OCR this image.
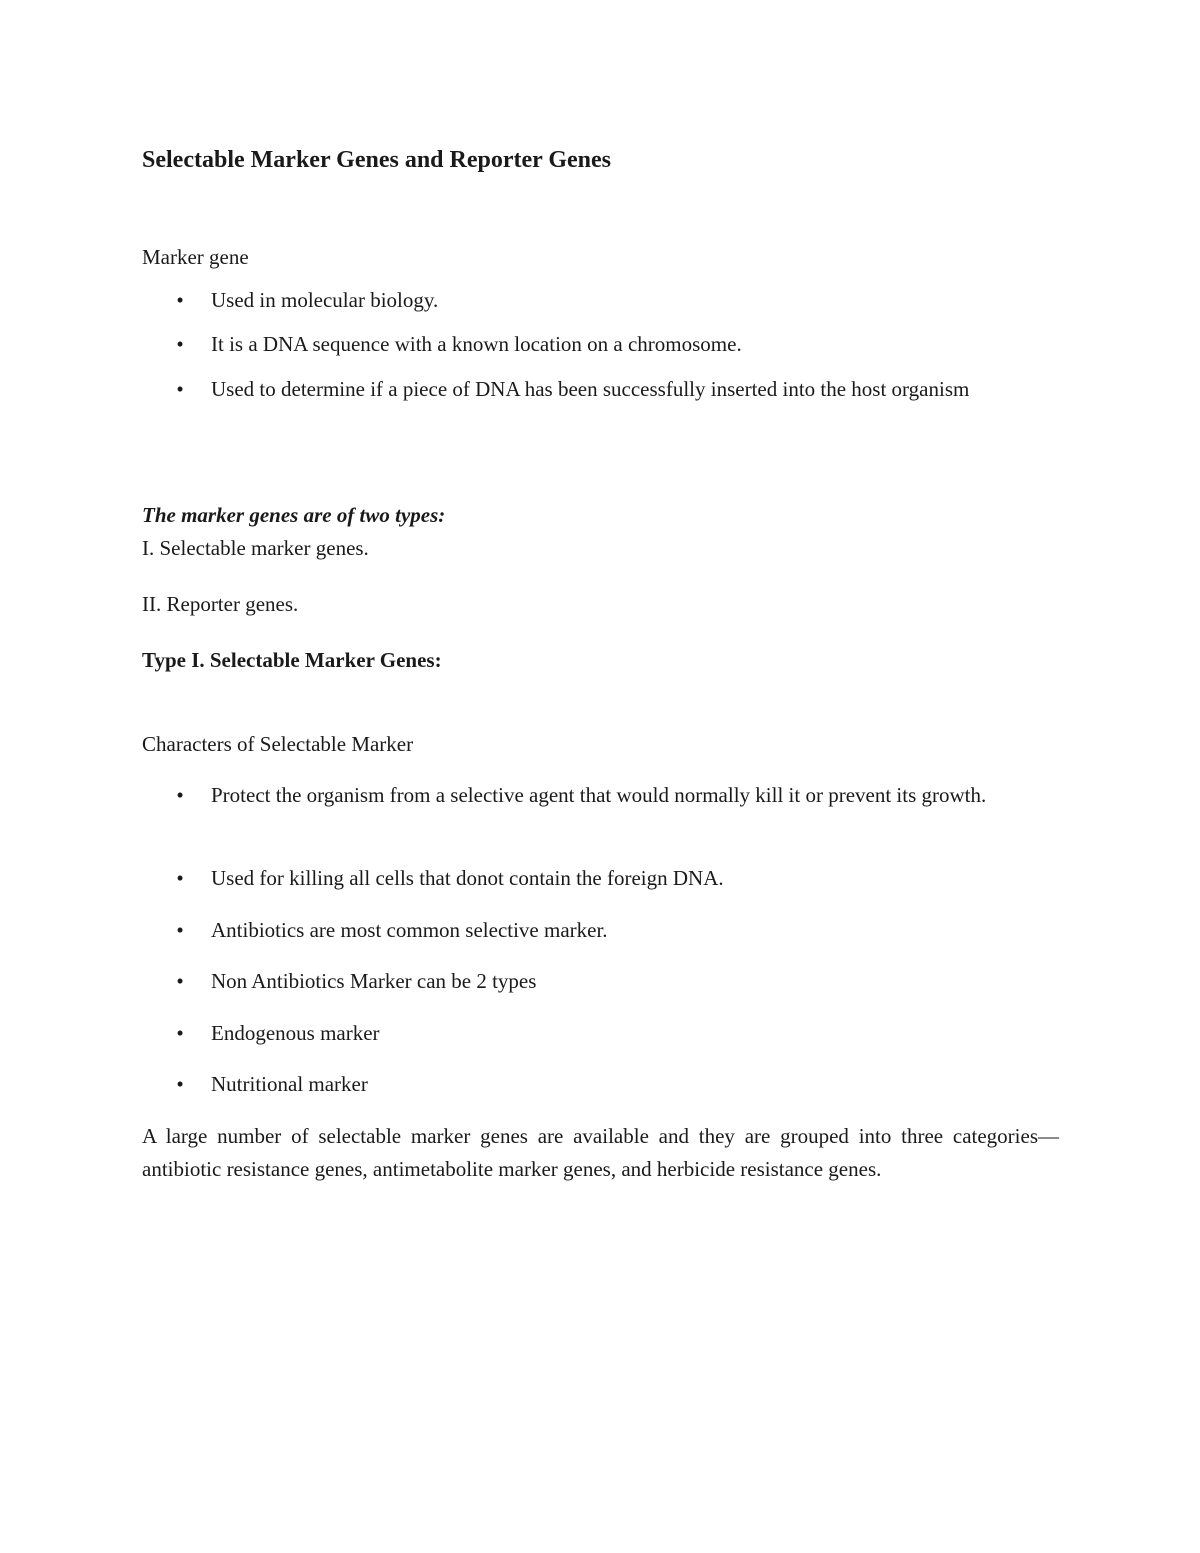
Selectable Marker Genes and Reporter Genes

Marker gene

•	Used in molecular biology.

•	It is a DNA sequence with a known location on a chromosome.

•	Used to determine if a piece of DNA has been successfully inserted into the host organism

The marker genes are of two types:

I. Selectable marker genes.

II. Reporter genes.

Type I. Selectable Marker Genes:

Characters of Selectable Marker

•	Protect the organism from a selective agent that would normally kill it or prevent its growth.

•	Used for killing all cells that donot contain the foreign DNA.

•	Antibiotics are most common selective marker.

•	Non Antibiotics Marker can be 2 types

•	Endogenous marker

•	Nutritional marker

A large number of selectable marker genes are available and they are grouped into three categories— antibiotic resistance genes, antimetabolite marker genes, and herbicide resistance genes.
